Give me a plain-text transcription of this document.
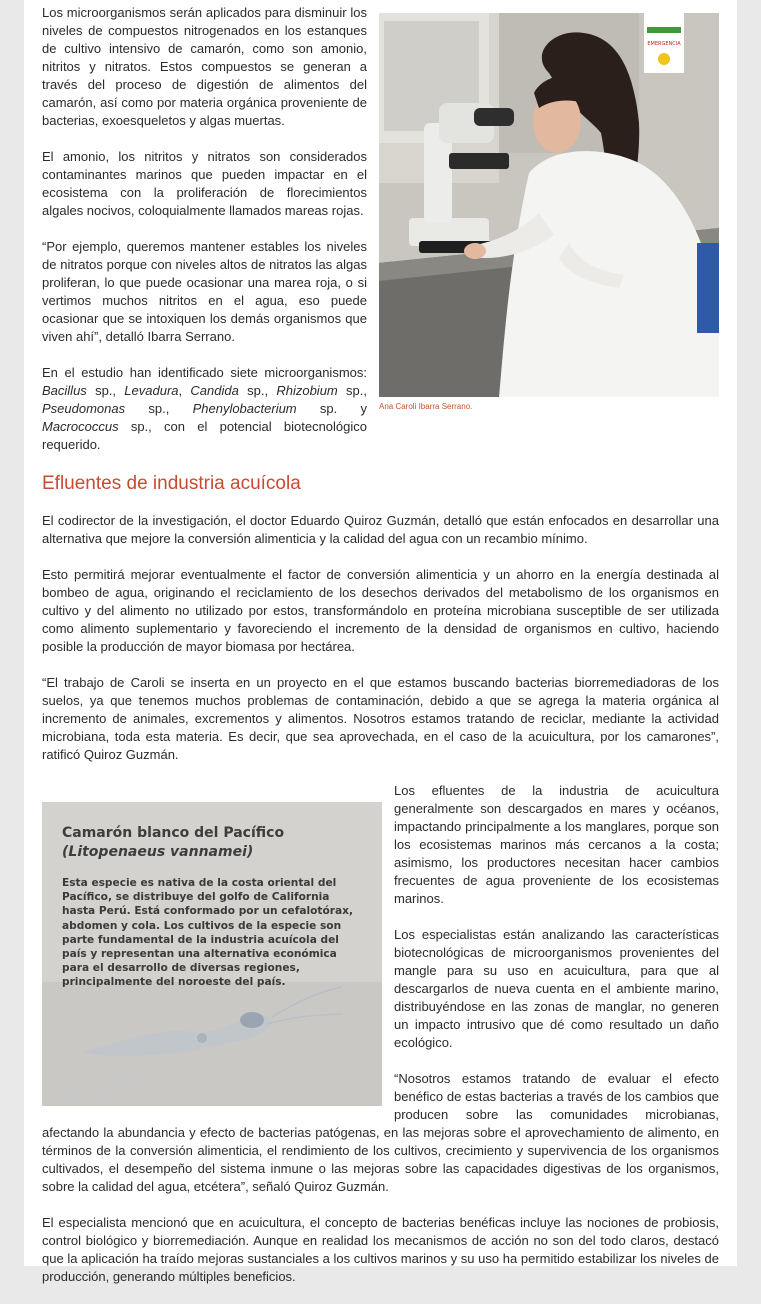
EMERGENCIA
Ana Caroli Ibarra Serrano.

Los microorganismos serán aplicados para disminuir los niveles de compuestos nitrogenados en los estanques de cultivo intensivo de camarón, como son amonio, nitritos y nitratos. Estos compuestos se generan a través del proceso de digestión de alimentos del camarón, así como por materia orgánica proveniente de bacterias, exoesqueletos y algas muertas.

El amonio, los nitritos y nitratos son considerados contaminantes marinos que pueden impactar en el ecosistema con la proliferación de florecimientos algales nocivos, coloquialmente llamados mareas rojas.

“Por ejemplo, queremos mantener estables los niveles de nitratos porque con niveles altos de nitratos las algas proliferan, lo que puede ocasionar una marea roja, o si vertimos muchos nitritos en el agua, eso puede ocasionar que se intoxiquen los demás organismos que viven ahí”, detalló Ibarra Serrano.

En el estudio han identificado siete microorganismos: Bacillus sp., Levadura, Candida sp., Rhizobium sp., Pseudomonas sp., Phenylobacterium sp. y Macrococcus sp., con el potencial biotecnológico requerido.

Efluentes de industria acuícola

El codirector de la investigación, el doctor Eduardo Quiroz Guzmán, detalló que están enfocados en desarrollar una alternativa que mejore la conversión alimenticia y la calidad del agua con un recambio mínimo.

Esto permitirá mejorar eventualmente el factor de conversión alimenticia y un ahorro en la energía destinada al bombeo de agua, originando el reciclamiento de los desechos derivados del metabolismo de los organismos en cultivo y del alimento no utilizado por estos, transformándolo en proteína microbiana susceptible de ser utilizada como alimento suplementario y favoreciendo el incremento de la densidad de organismos en cultivo, haciendo posible la producción de mayor biomasa por hectárea.

“El trabajo de Caroli se inserta en un proyecto en el que estamos buscando bacterias biorremediadoras de los suelos, ya que tenemos muchos problemas de contaminación, debido a que se agrega la materia orgánica al incremento de animales, excrementos y alimentos. Nosotros estamos tratando de reciclar, mediante la actividad microbiana, toda esta materia. Es decir, que sea aprovechada, en el caso de la acuicultura, por los camarones”, ratificó Quiroz Guzmán.

Camarón blanco del Pacífico
(Litopenaeus vannamei)
Esta especie es nativa de la costa oriental del Pacífico, se distribuye del golfo de California hasta Perú. Está conformado por un cefalotórax, abdomen y cola. Los cultivos de la especie son parte fundamental de la industria acuícola del país y representan una alternativa económica para el desarrollo de diversas regiones, principalmente del noroeste del país.

Los efluentes de la industria de acuicultura generalmente son descargados en mares y océanos, impactando principalmente a los manglares, porque son los ecosistemas marinos más cercanos a la costa; asimismo, los productores necesitan hacer cambios frecuentes de agua proveniente de los ecosistemas marinos.

Los especialistas están analizando las características biotecnológicas de microorganismos provenientes del mangle para su uso en acuicultura, para que al descargarlos de nueva cuenta en el ambiente marino, distribuyéndose en las zonas de manglar, no generen un impacto intrusivo que dé como resultado un daño ecológico.

“Nosotros estamos tratando de evaluar el efecto benéfico de estas bacterias a través de los cambios que producen sobre las comunidades microbianas, afectando la abundancia y efecto de bacterias patógenas, en las mejoras sobre el aprovechamiento de alimento, en términos de la conversión alimenticia, el rendimiento de los cultivos, crecimiento y supervivencia de los organismos cultivados, el desempeño del sistema inmune o las mejoras sobre las capacidades digestivas de los organismos, sobre la calidad del agua, etcétera”, señaló Quiroz Guzmán.

El especialista mencionó que en acuicultura, el concepto de bacterias benéficas incluye las nociones de probiosis, control biológico y biorremediación. Aunque en realidad los mecanismos de acción no son del todo claros, destacó que la aplicación ha traído mejoras sustanciales a los cultivos marinos y su uso ha permitido estabilizar los niveles de producción, generando múltiples beneficios.
